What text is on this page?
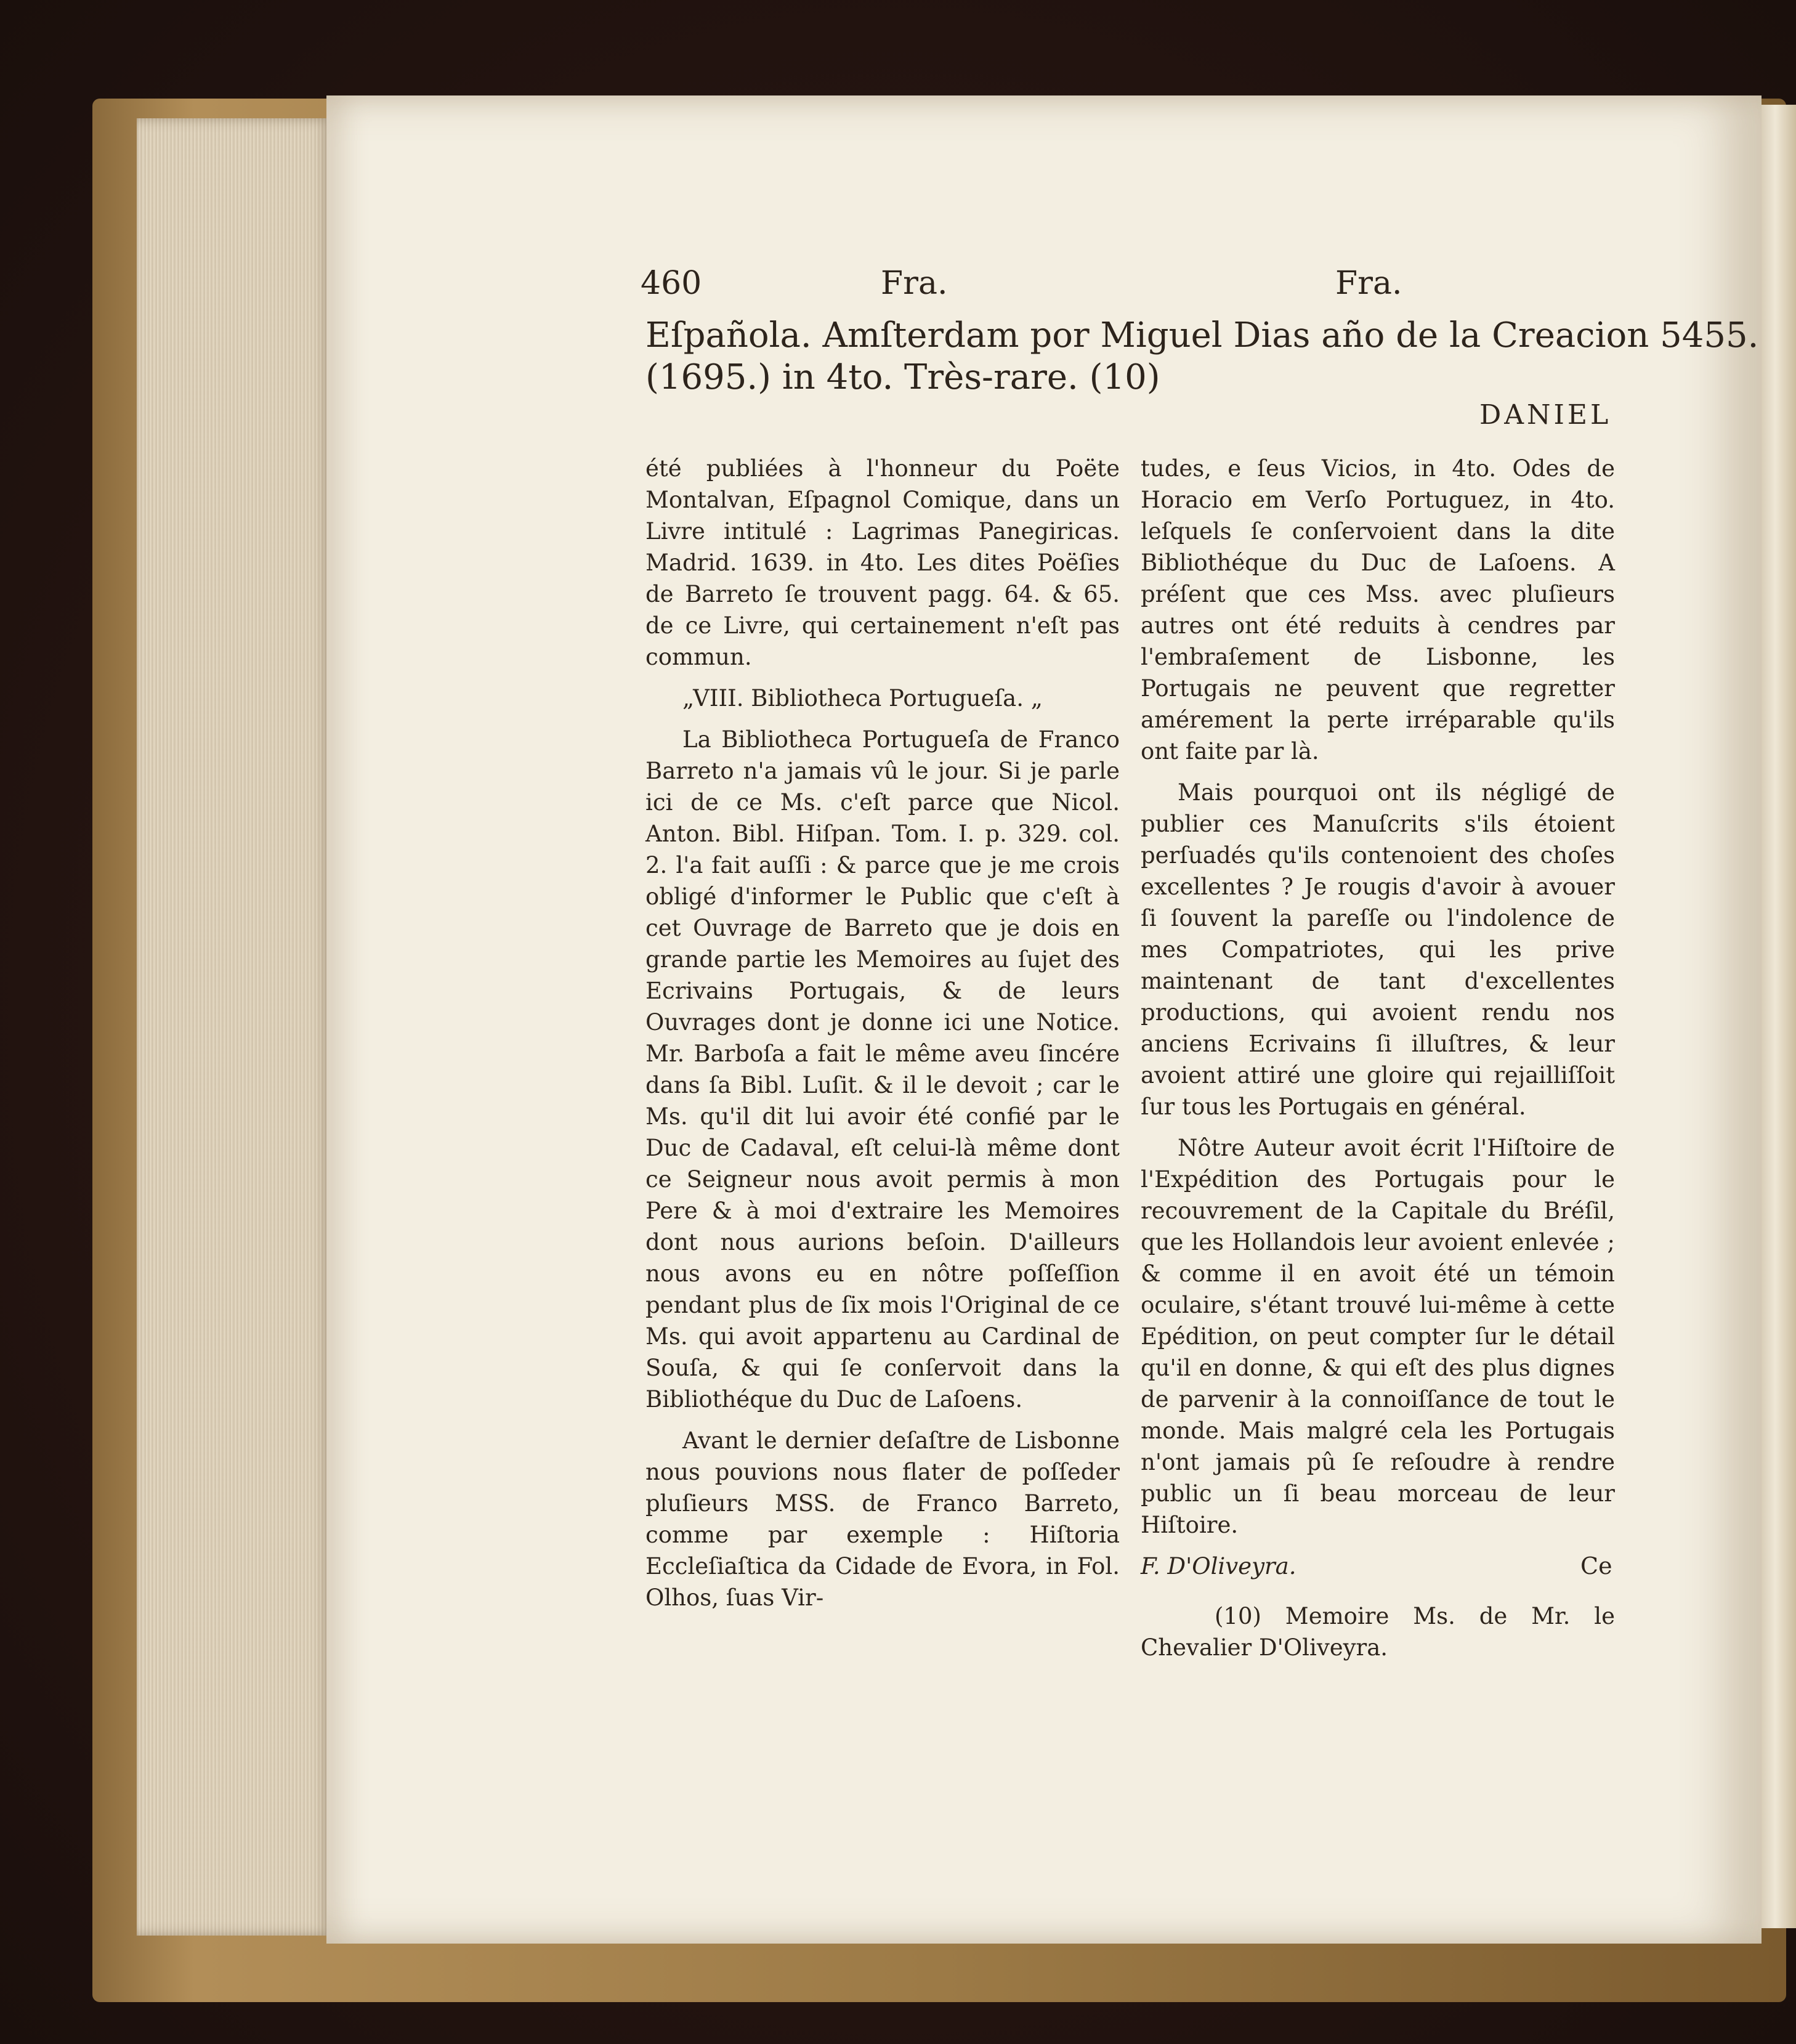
460	Fra.	Fra.
Eſpañola. Amſterdam por Miguel Dias año de la Creacion 5455.
(1695.) in 4to. Très-rare. (10)
DANIEL

été publiées à l'honneur du Poëte Montalvan, Eſpagnol Comique, dans un Livre intitulé : Lagrimas Panegiricas. Madrid. 1639. in 4to. Les dites Poëſies de Barreto ſe trouvent pagg. 64. & 65. de ce Livre, qui certainement n'eſt pas commun.

„VIII. Bibliotheca Portugueſa. „

La Bibliotheca Portugueſa de Franco Barreto n'a jamais vû le jour. Si je parle ici de ce Ms. c'eſt parce que Nicol. Anton. Bibl. Hiſpan. Tom. I. p. 329. col. 2. l'a fait auſſi : & parce que je me crois obligé d'informer le Public que c'eſt à cet Ouvrage de Barreto que je dois en grande partie les Memoires au ſujet des Ecrivains Portugais, & de leurs Ouvrages dont je donne ici une Notice. Mr. Barboſa a fait le même aveu ſincére dans ſa Bibl. Luſit. & il le devoit ; car le Ms. qu'il dit lui avoir été confié par le Duc de Cadaval, eſt celui-là même dont ce Seigneur nous avoit permis à mon Pere & à moi d'extraire les Memoires dont nous aurions beſoin. D'ailleurs nous avons eu en nôtre poſſeſſion pendant plus de ſix mois l'Original de ce Ms. qui avoit appartenu au Cardinal de Souſa, & qui ſe conſervoit dans la Bibliothéque du Duc de Laſoens.

Avant le dernier deſaſtre de Lisbonne nous pouvions nous flater de poſſeder pluſieurs MSS. de Franco Barreto, comme par exemple : Hiſtoria Eccleſiaſtica da Cidade de Evora, in Fol. Olhos, ſuas Vir-

tudes, e ſeus Vicios, in 4to. Odes de Horacio em Verſo Portuguez, in 4to. leſquels ſe conſervoient dans la dite Bibliothéque du Duc de Laſoens. A préſent que ces Mss. avec pluſieurs autres ont été reduits à cendres par l'embraſement de Lisbonne, les Portugais ne peuvent que regretter amérement la perte irréparable qu'ils ont faite par là.

Mais pourquoi ont ils négligé de publier ces Manuſcrits s'ils étoient perſuadés qu'ils contenoient des choſes excellentes ? Je rougis d'avoir à avouer ſi ſouvent la pareſſe ou l'indolence de mes Compatriotes, qui les prive maintenant de tant d'excellentes productions, qui avoient rendu nos anciens Ecrivains ſi illuſtres, & leur avoient attiré une gloire qui rejailliſſoit ſur tous les Portugais en général.

Nôtre Auteur avoit écrit l'Hiſtoire de l'Expédition des Portugais pour le recouvrement de la Capitale du Bréſil, que les Hollandois leur avoient enlevée ; & comme il en avoit été un témoin oculaire, s'étant trouvé lui-même à cette Epédition, on peut compter ſur le détail qu'il en donne, & qui eſt des plus dignes de parvenir à la connoiſſance de tout le monde. Mais malgré cela les Portugais n'ont jamais pû ſe reſoudre à rendre public un ſi beau morceau de leur Hiſtoire.

F. D'Oliveyra.

(10) Memoire Ms. de Mr. le Chevalier D'Oliveyra.

Ce
